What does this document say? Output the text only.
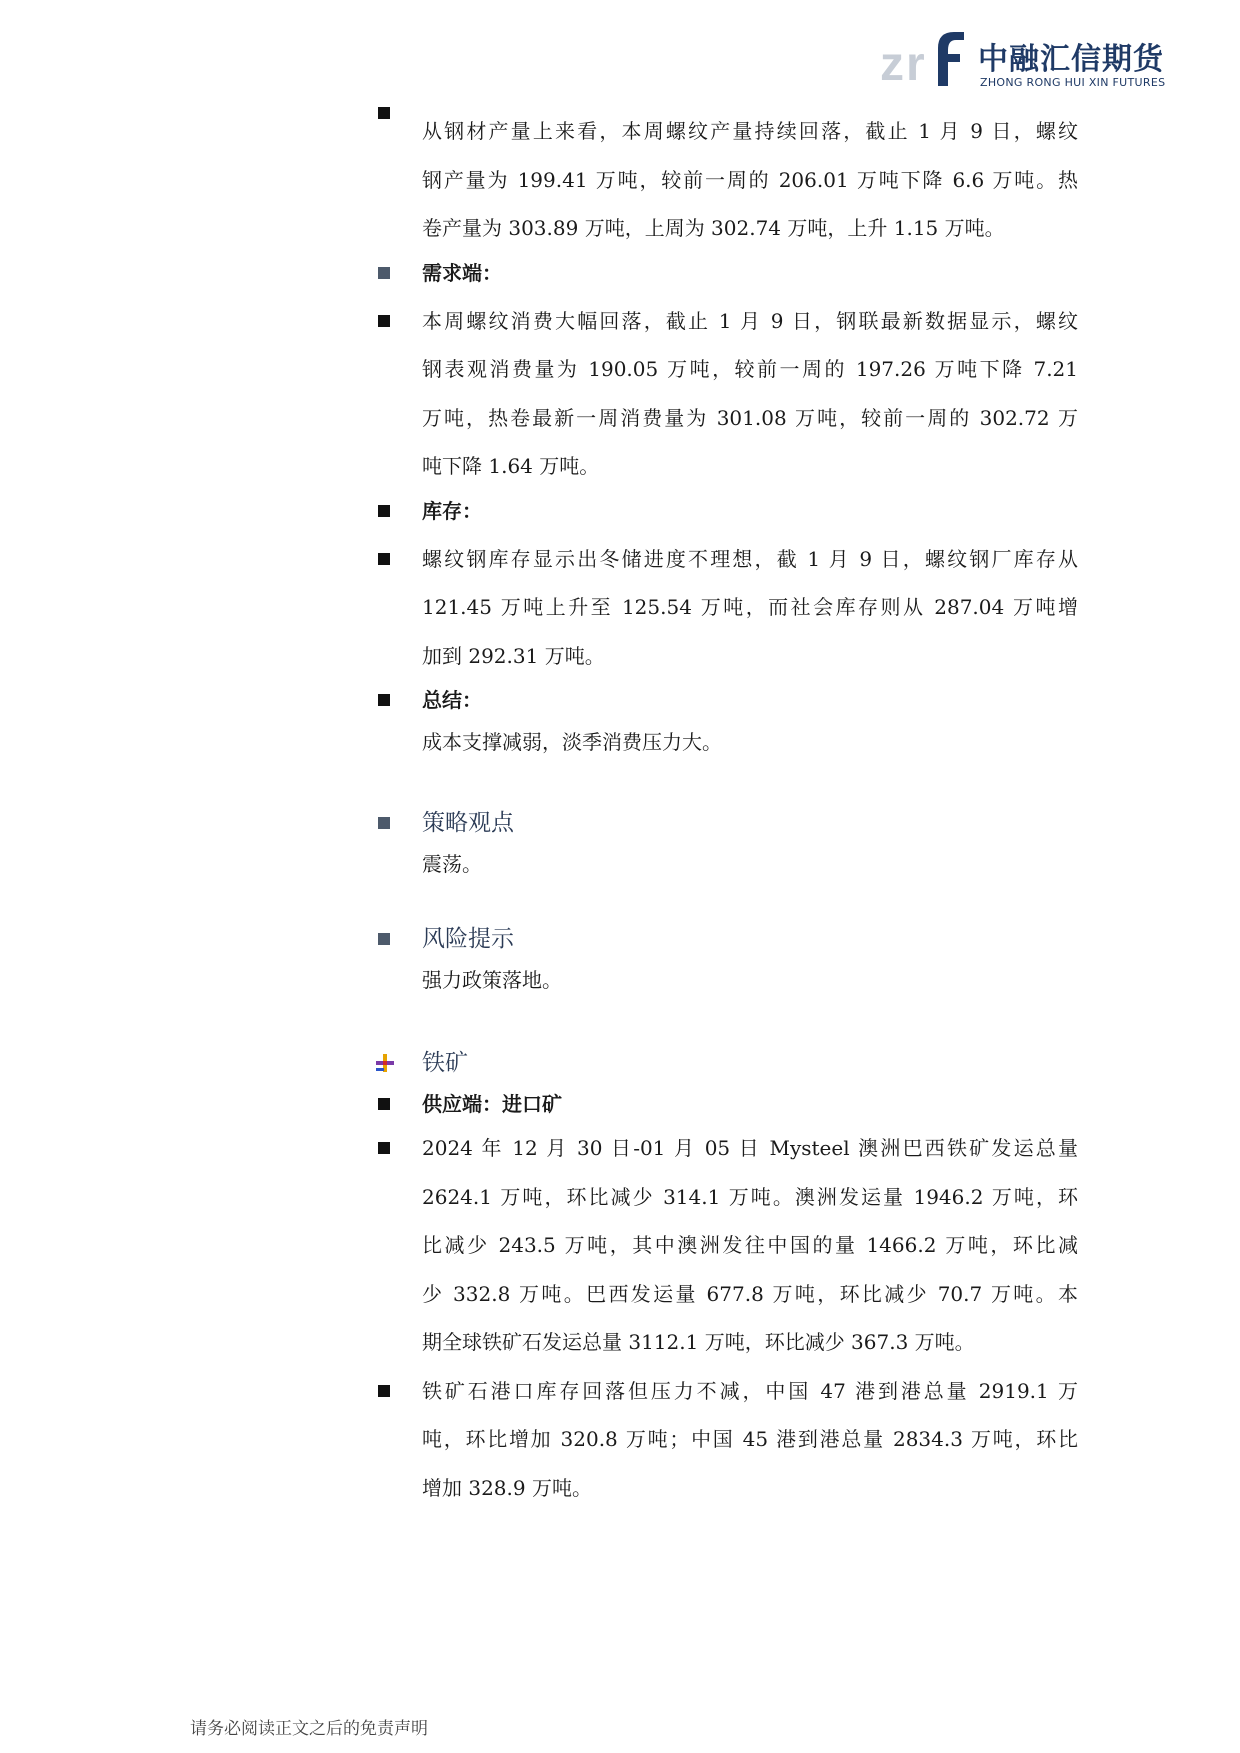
z r 中融汇信期货
ZHONG RONG HUI XIN FUTURES

从钢材产量上来看，本周螺纹产量持续回落，截止 1 月 9 日，螺纹
钢产量为 199.41 万吨，较前一周的 206.01 万吨下降 6.6 万吨。热
卷产量为 303.89 万吨，上周为 302.74 万吨，上升 1.15 万吨。

需求端：

本周螺纹消费大幅回落，截止 1 月 9 日，钢联最新数据显示，螺纹
钢表观消费量为 190.05 万吨，较前一周的 197.26 万吨下降 7.21
万吨，热卷最新一周消费量为 301.08 万吨，较前一周的 302.72 万
吨下降 1.64 万吨。

库存：

螺纹钢库存显示出冬储进度不理想，截 1 月 9 日，螺纹钢厂库存从
121.45 万吨上升至 125.54 万吨，而社会库存则从 287.04 万吨增
加到 292.31 万吨。

总结：

成本支撑减弱，淡季消费压力大。

策略观点

震荡。

风险提示

强力政策落地。

铁矿

供应端：进口矿

2024 年 12 月 30 日-01 月 05 日 Mysteel 澳洲巴西铁矿发运总量
2624.1 万吨，环比减少 314.1 万吨。澳洲发运量 1946.2 万吨，环
比减少 243.5 万吨，其中澳洲发往中国的量 1466.2 万吨，环比减
少 332.8 万吨。巴西发运量 677.8 万吨，环比减少 70.7 万吨。本
期全球铁矿石发运总量 3112.1 万吨，环比减少 367.3 万吨。

铁矿石港口库存回落但压力不减，中国 47 港到港总量 2919.1 万
吨，环比增加 320.8 万吨；中国 45 港到港总量 2834.3 万吨，环比
增加 328.9 万吨。

请务必阅读正文之后的免责声明
